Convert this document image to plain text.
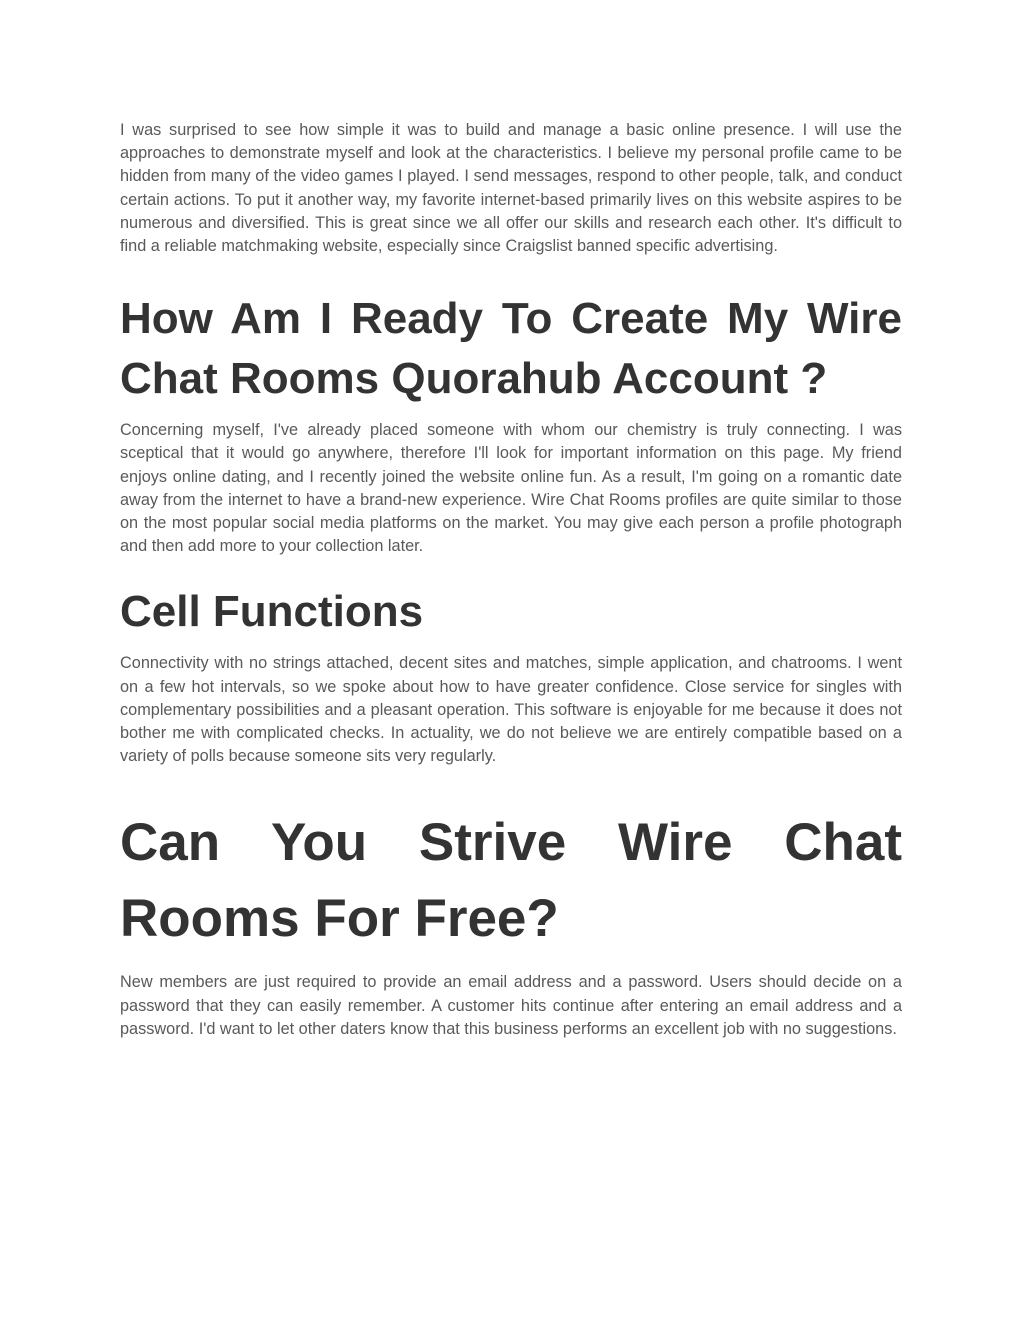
I was surprised to see how simple it was to build and manage a basic online presence. I will use the approaches to demonstrate myself and look at the characteristics. I believe my personal profile came to be hidden from many of the video games I played. I send messages, respond to other people, talk, and conduct certain actions. To put it another way, my favorite internet-based primarily lives on this website aspires to be numerous and diversified. This is great since we all offer our skills and research each other. It's difficult to find a reliable matchmaking website, especially since Craigslist banned specific advertising.

How Am I Ready To Create My Wire Chat Rooms Quorahub Account ?

Concerning myself, I've already placed someone with whom our chemistry is truly connecting. I was sceptical that it would go anywhere, therefore I'll look for important information on this page. My friend enjoys online dating, and I recently joined the website online fun. As a result, I'm going on a romantic date away from the internet to have a brand-new experience. Wire Chat Rooms profiles are quite similar to those on the most popular social media platforms on the market. You may give each person a profile photograph and then add more to your collection later.

Cell Functions

Connectivity with no strings attached, decent sites and matches, simple application, and chatrooms. I went on a few hot intervals, so we spoke about how to have greater confidence. Close service for singles with complementary possibilities and a pleasant operation. This software is enjoyable for me because it does not bother me with complicated checks. In actuality, we do not believe we are entirely compatible based on a variety of polls because someone sits very regularly.

Can You Strive Wire Chat
Rooms For Free?

New members are just required to provide an email address and a password. Users should decide on a password that they can easily remember. A customer hits continue after entering an email address and a password. I'd want to let other daters know that this business performs an excellent job with no suggestions.
